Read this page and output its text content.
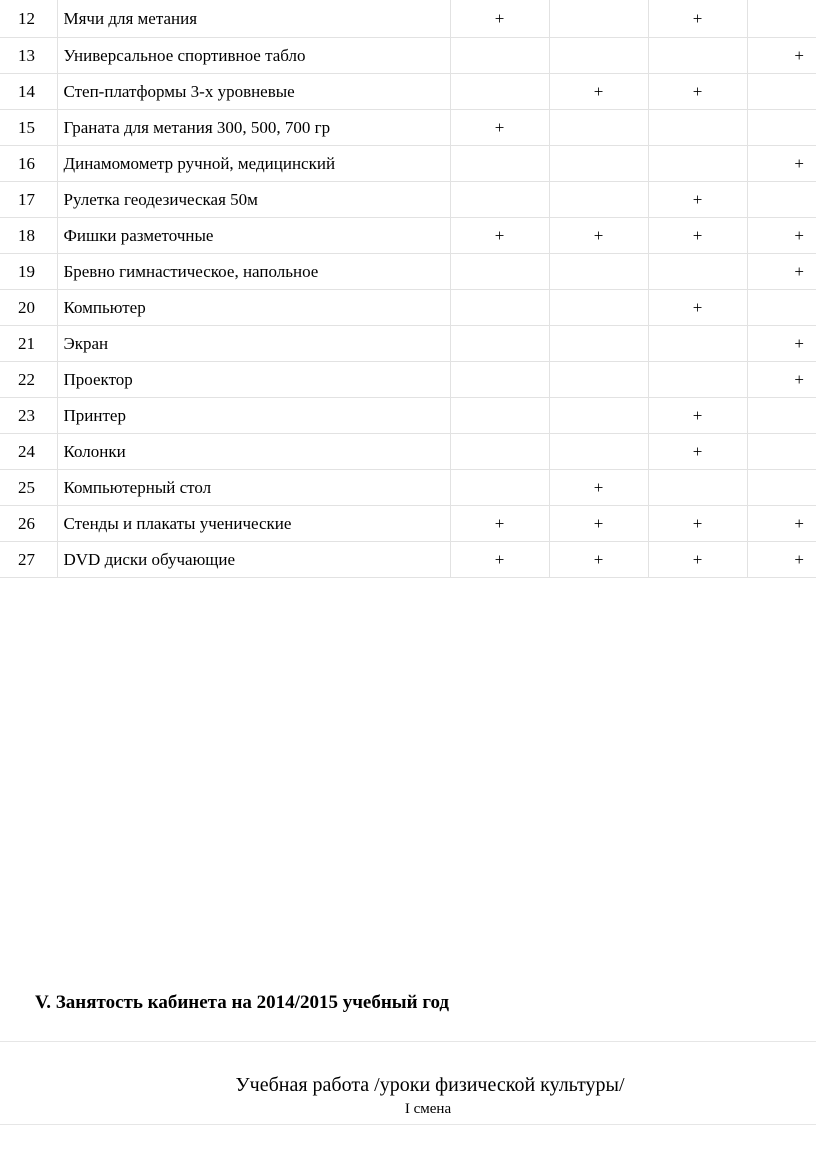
12	Мячи для метания	+		+	
13	Универсальное спортивное табло				+
14	Степ-платформы 3-х уровневые		+	+	
15	Граната для метания 300, 500, 700 гр	+			
16	Динамомометр ручной, медицинский				+
17	Рулетка геодезическая 50м			+	
18	Фишки разметочные	+	+	+	+
19	Бревно гимнастическое, напольное				+
20	Компьютер			+	
21	Экран				+
22	Проектор				+
23	Принтер			+	
24	Колонки			+	
25	Компьютерный стол		+		
26	Стенды и плакаты ученические	+	+	+	+
27	DVD диски обучающие	+	+	+	+
V. Занятость кабинета на 2014/2015 учебный год
Учебная работа /уроки физической культуры/
I смена
